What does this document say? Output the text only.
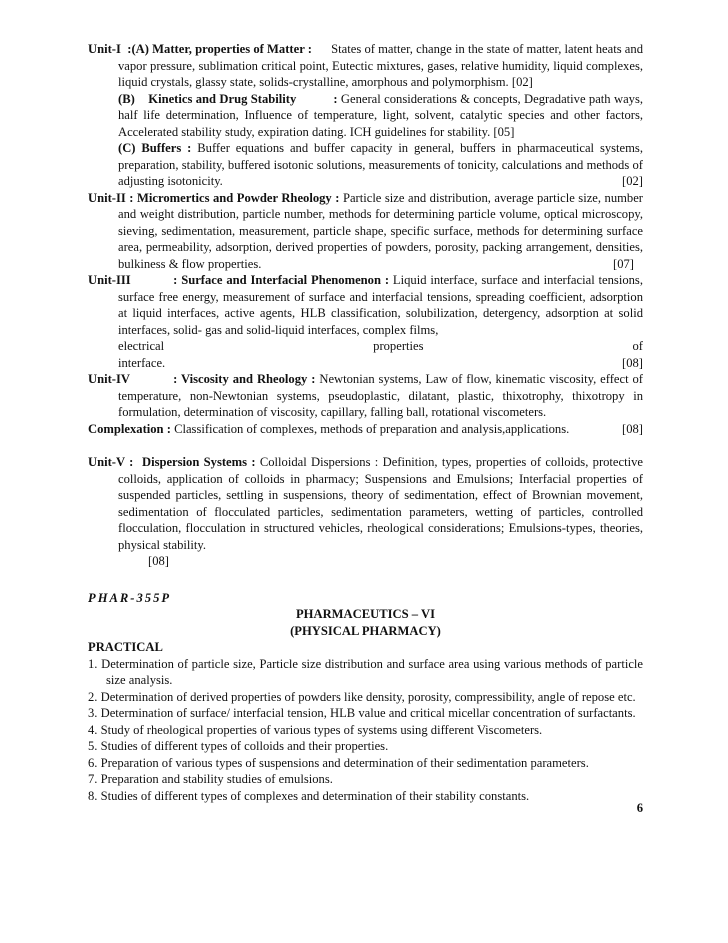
Unit-I :(A) Matter, properties of Matter : States of matter, change in the state of matter, latent heats and vapor pressure, sublimation critical point, Eutectic mixtures, gases, relative humidity, liquid complexes, liquid crystals, glassy state, solids-crystalline, amorphous and polymorphism. [02]
(B) Kinetics and Drug Stability	: General considerations & concepts, Degradative path ways, half life determination, Influence of temperature, light, solvent, catalytic species and other factors, Accelerated stability study, expiration dating. ICH guidelines for stability. [05]
(C) Buffers : Buffer equations and buffer capacity in general, buffers in pharmaceutical systems, preparation, stability, buffered isotonic solutions, measurements of tonicity, calculations and methods of adjusting isotonicity.	[02]
Unit-II : Micromertics and Powder Rheology : Particle size and distribution, average particle size, number and weight distribution, particle number, methods for determining particle volume, optical microscopy, sieving, sedimentation, measurement, particle shape, specific surface, methods for determining surface area, permeability, adsorption, derived properties of powders, porosity, packing arrangement, densities, bulkiness & flow properties.	[07]
Unit-III	: Surface and Interfacial Phenomenon : Liquid interface, surface and interfacial tensions, surface free energy, measurement of surface and interfacial tensions, spreading coefficient, adsorption at liquid interfaces, active agents, HLB classification, solubilization, detergency, adsorption at solid interfaces, solid- gas and solid-liquid interfaces, complex films,
electrical	properties	of
interface.	[08]
Unit-IV	: Viscosity and Rheology : Newtonian systems, Law of flow, kinematic viscosity, effect of temperature, non-Newtonian systems, pseudoplastic, dilatant, plastic, thixotrophy, thixotropy in formulation, determination of viscosity, capillary, falling ball, rotational viscometers.
Complexation : Classification of complexes, methods of preparation and analysis,applications.	[08]
Unit-V : Dispersion Systems : Colloidal Dispersions : Definition, types, properties of colloids, protective colloids, application of colloids in pharmacy; Suspensions and Emulsions; Interfacial properties of suspended particles, settling in suspensions, theory of sedimentation, effect of Brownian movement, sedimentation of flocculated particles, sedimentation parameters, wetting of particles, controlled flocculation, flocculation in structured vehicles, rheological considerations; Emulsions-types, theories, physical stability.
[08]
PHAR-355P
PHARMACEUTICS – VI
(PHYSICAL PHARMACY)
PRACTICAL
1. Determination of particle size, Particle size distribution and surface area using various methods of particle size analysis.
2. Determination of derived properties of powders like density, porosity, compressibility, angle of repose etc.
3. Determination of surface/ interfacial tension, HLB value and critical micellar concentration of surfactants.
4. Study of rheological properties of various types of systems using different Viscometers.
5. Studies of different types of colloids and their properties.
6. Preparation of various types of suspensions and determination of their sedimentation parameters.
7. Preparation and stability studies of emulsions.
8. Studies of different types of complexes and determination of their stability constants.
6
